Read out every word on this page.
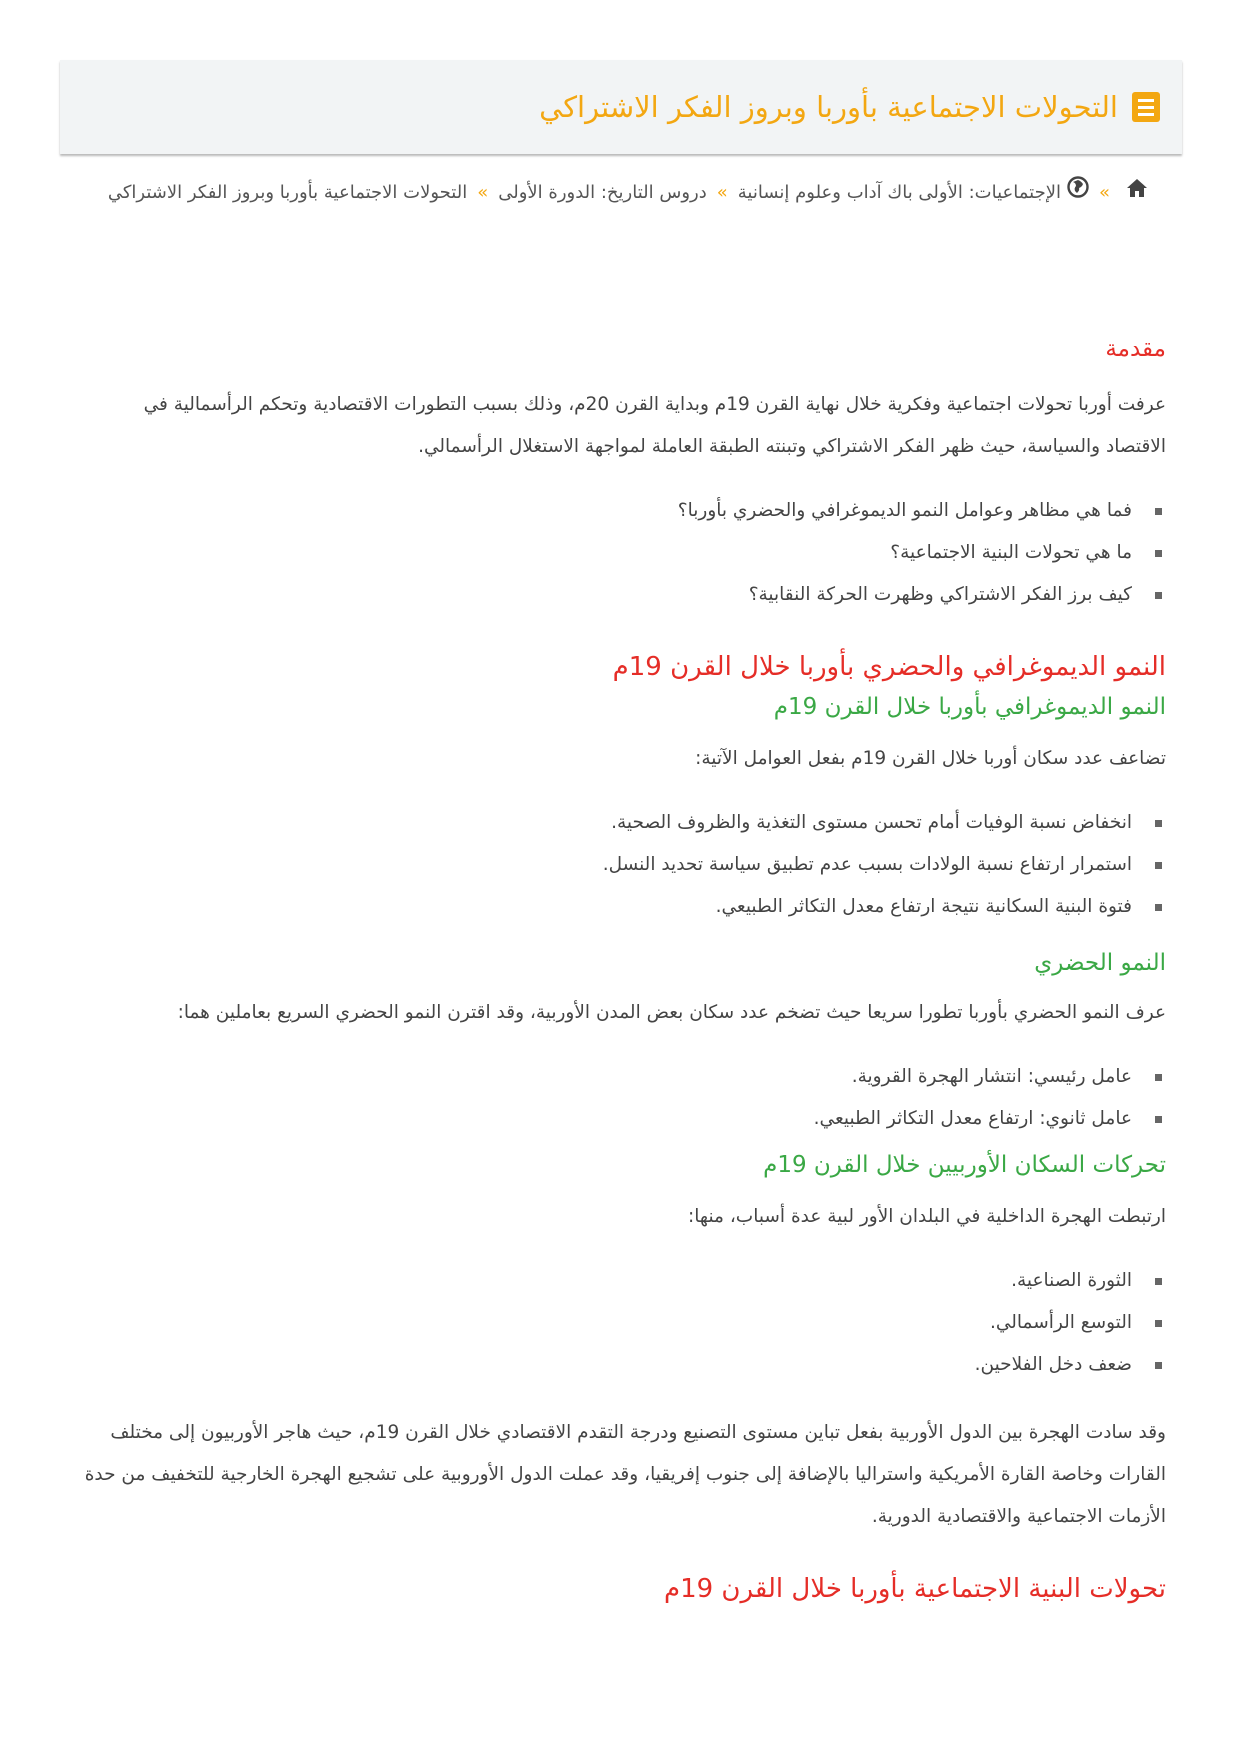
التحولات الاجتماعية بأوربا وبروز الفكر الاشتراكي
»الإجتماعيات: الأولى باك آداب وعلوم إنسانية»دروس التاريخ: الدورة الأولى»التحولات الاجتماعية بأوربا وبروز الفكر الاشتراكي
مقدمة

عرفت أوربا تحولات اجتماعية وفكرية خلال نهاية القرن 19م وبداية القرن 20م، وذلك بسبب التطورات الاقتصادية وتحكم الرأسمالية في الاقتصاد والسياسة، حيث ظهر الفكر الاشتراكي وتبنته الطبقة العاملة لمواجهة الاستغلال الرأسمالي.

فما هي مظاهر وعوامل النمو الديموغرافي والحضري بأوربا؟
ما هي تحولات البنية الاجتماعية؟
كيف برز الفكر الاشتراكي وظهرت الحركة النقابية؟
النمو الديموغرافي والحضري بأوربا خلال القرن 19م
النمو الديموغرافي بأوربا خلال القرن 19م

تضاعف عدد سكان أوربا خلال القرن 19م بفعل العوامل الآتية:

انخفاض نسبة الوفيات أمام تحسن مستوى التغذية والظروف الصحية.
استمرار ارتفاع نسبة الولادات بسبب عدم تطبيق سياسة تحديد النسل.
فتوة البنية السكانية نتيجة ارتفاع معدل التكاثر الطبيعي.
النمو الحضري

عرف النمو الحضري بأوربا تطورا سريعا حيث تضخم عدد سكان بعض المدن الأوربية، وقد اقترن النمو الحضري السريع بعاملين هما:

عامل رئيسي: انتشار الهجرة القروية.
عامل ثانوي: ارتفاع معدل التكاثر الطبيعي.
تحركات السكان الأوربيين خلال القرن 19م

ارتبطت الهجرة الداخلية في البلدان الأور لبية عدة أسباب، منها:

الثورة الصناعية.
التوسع الرأسمالي.
ضعف دخل الفلاحين.

وقد سادت الهجرة بين الدول الأوربية بفعل تباين مستوى التصنيع ودرجة التقدم الاقتصادي خلال القرن 19م، حيث هاجر الأوربيون إلى مختلف القارات وخاصة القارة الأمريكية واستراليا بالإضافة إلى جنوب إفريقيا، وقد عملت الدول الأوروبية على تشجيع الهجرة الخارجية للتخفيف من حدة الأزمات الاجتماعية والاقتصادية الدورية.

تحولات البنية الاجتماعية بأوربا خلال القرن 19م
